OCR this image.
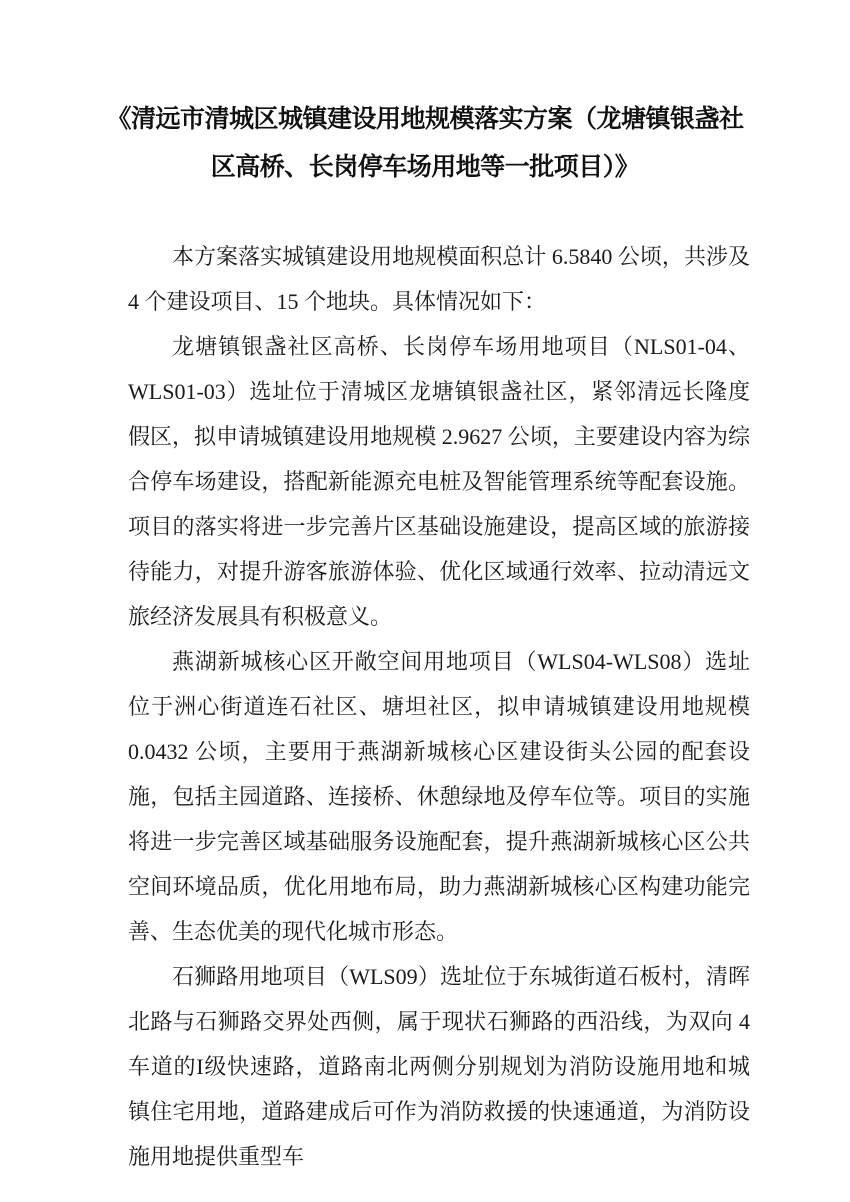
《清远市清城区城镇建设用地规模落实方案（龙塘镇银盏社
区高桥、长岗停车场用地等一批项目）》

本方案落实城镇建设用地规模面积总计 6.5840 公顷，共涉及 4 个建设项目、15 个地块。具体情况如下：

龙塘镇银盏社区高桥、长岗停车场用地项目（NLS01-04、WLS01-03）选址位于清城区龙塘镇银盏社区，紧邻清远长隆度假区，拟申请城镇建设用地规模 2.9627 公顷，主要建设内容为综合停车场建设，搭配新能源充电桩及智能管理系统等配套设施。项目的落实将进一步完善片区基础设施建设，提高区域的旅游接待能力，对提升游客旅游体验、优化区域通行效率、拉动清远文旅经济发展具有积极意义。

燕湖新城核心区开敞空间用地项目（WLS04-WLS08）选址位于洲心街道连石社区、塘坦社区，拟申请城镇建设用地规模 0.0432 公顷，主要用于燕湖新城核心区建设街头公园的配套设施，包括主园道路、连接桥、休憩绿地及停车位等。项目的实施将进一步完善区域基础服务设施配套，提升燕湖新城核心区公共空间环境品质，优化用地布局，助力燕湖新城核心区构建功能完善、生态优美的现代化城市形态。

石狮路用地项目（WLS09）选址位于东城街道石板村，清晖北路与石狮路交界处西侧，属于现状石狮路的西沿线，为双向 4 车道的I级快速路，道路南北两侧分别规划为消防设施用地和城镇住宅用地，道路建成后可作为消防救援的快速通道，为消防设施用地提供重型车
